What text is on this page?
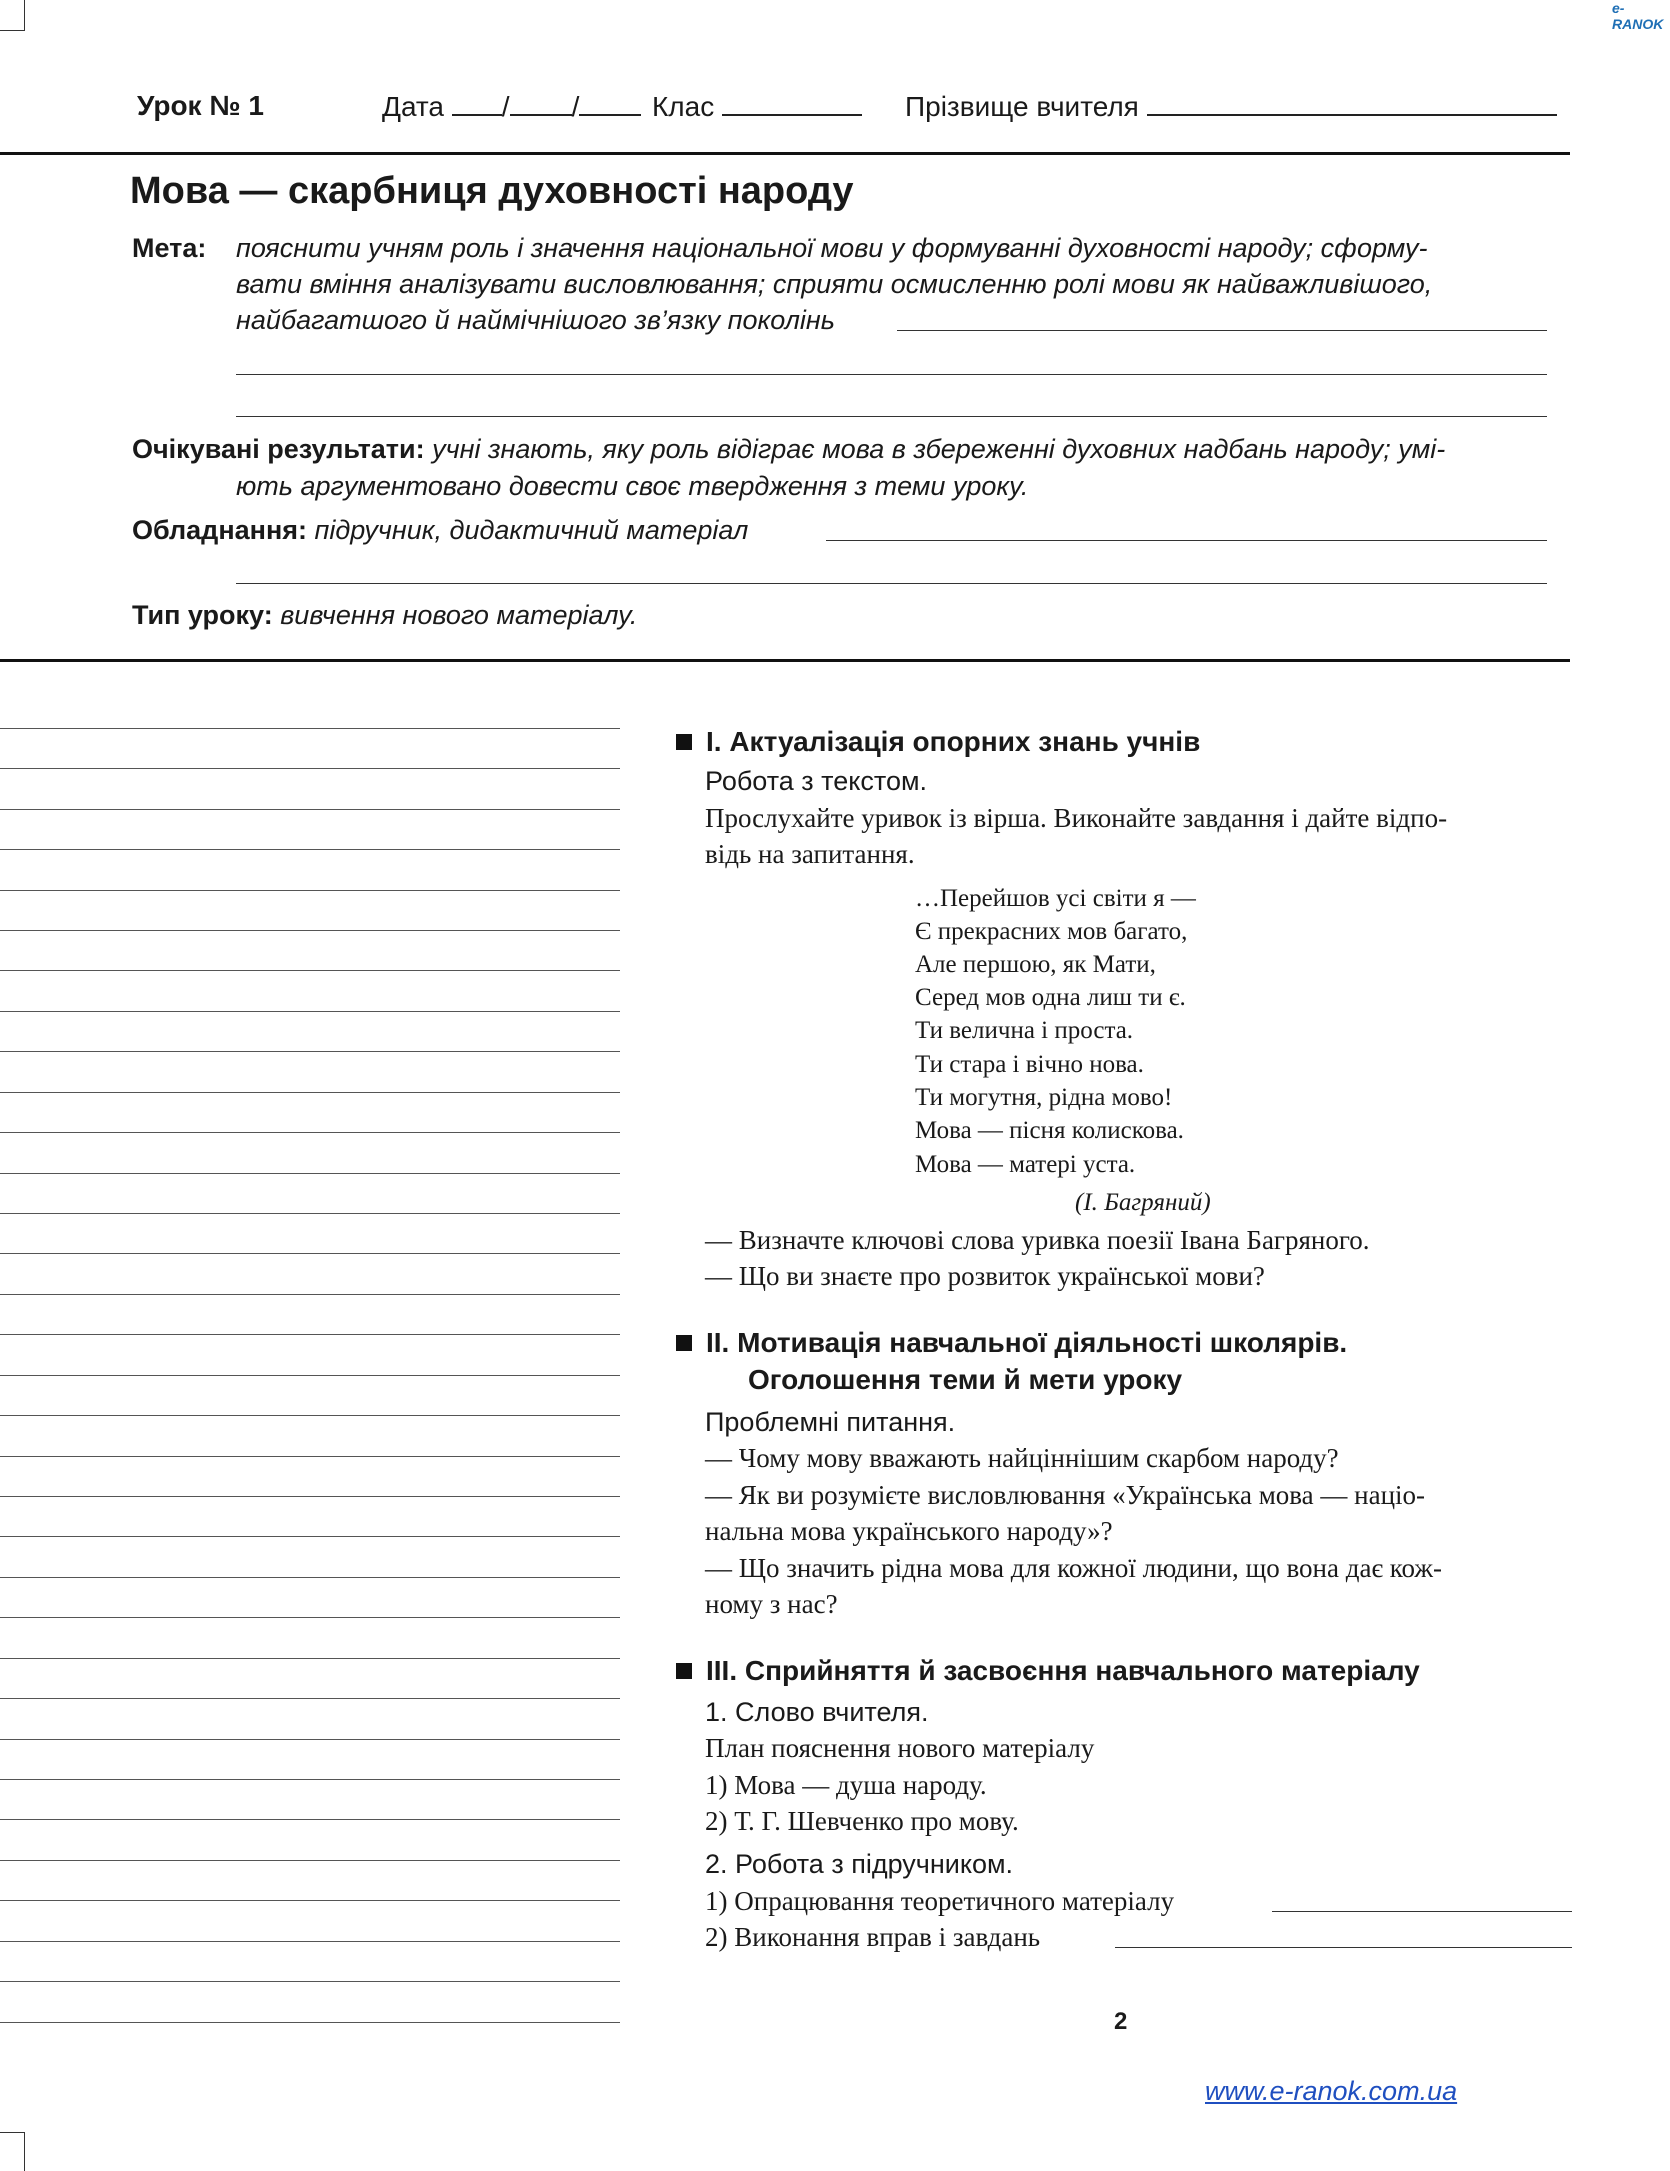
e-RANOK
Урок № 1	Дата / /	Клас	Прізвище вчителя
Мова — скарбниця духовності народу
Мета: пояснити учням роль і значення національної мови у формуванні духовності народу; сформу-
вати вміння аналізувати висловлювання; сприяти осмисленню ролі мови як найважливішого,
найбагатшого й наймічнішого зв’язку поколінь
Очікувані результати: учні знають, яку роль відіграє мова в збереженні духовних надбань народу; умі-
ють аргументовано довести своє твердження з теми уроку.
Обладнання: підручник, дидактичний матеріал
Тип уроку: вивчення нового матеріалу.
I. Актуалізація опорних знань учнів
Робота з текстом.
Прослухайте уривок із вірша. Виконайте завдання і дайте відпо-
відь на запитання.
…Перейшов усі світи я —
Є прекрасних мов багато,
Але першою, як Мати,
Серед мов одна лиш ти є.
Ти велична і проста.
Ти стара і вічно нова.
Ти могутня, рідна мово!
Мова — пісня колискова.
Мова — матері уста.
(І. Багряний)
— Визначте ключові слова уривка поезії Івана Багряного.
— Що ви знаєте про розвиток української мови?
II. Мотивація навчальної діяльності школярів.
Оголошення теми й мети уроку
Проблемні питання.
— Чому мову вважають найціннішим скарбом народу?
— Як ви розумієте висловлювання «Українська мова — націо-
нальна мова українського народу»?
— Що значить рідна мова для кожної людини, що вона дає кож-
ному з нас?
III. Сприйняття й засвоєння навчального матеріалу
1. Слово вчителя.
План пояснення нового матеріалу
1) Мова — душа народу.
2) Т. Г. Шевченко про мову.
2. Робота з підручником.
1) Опрацювання теоретичного матеріалу
2) Виконання вправ і завдань
2
www.e-ranok.com.ua
